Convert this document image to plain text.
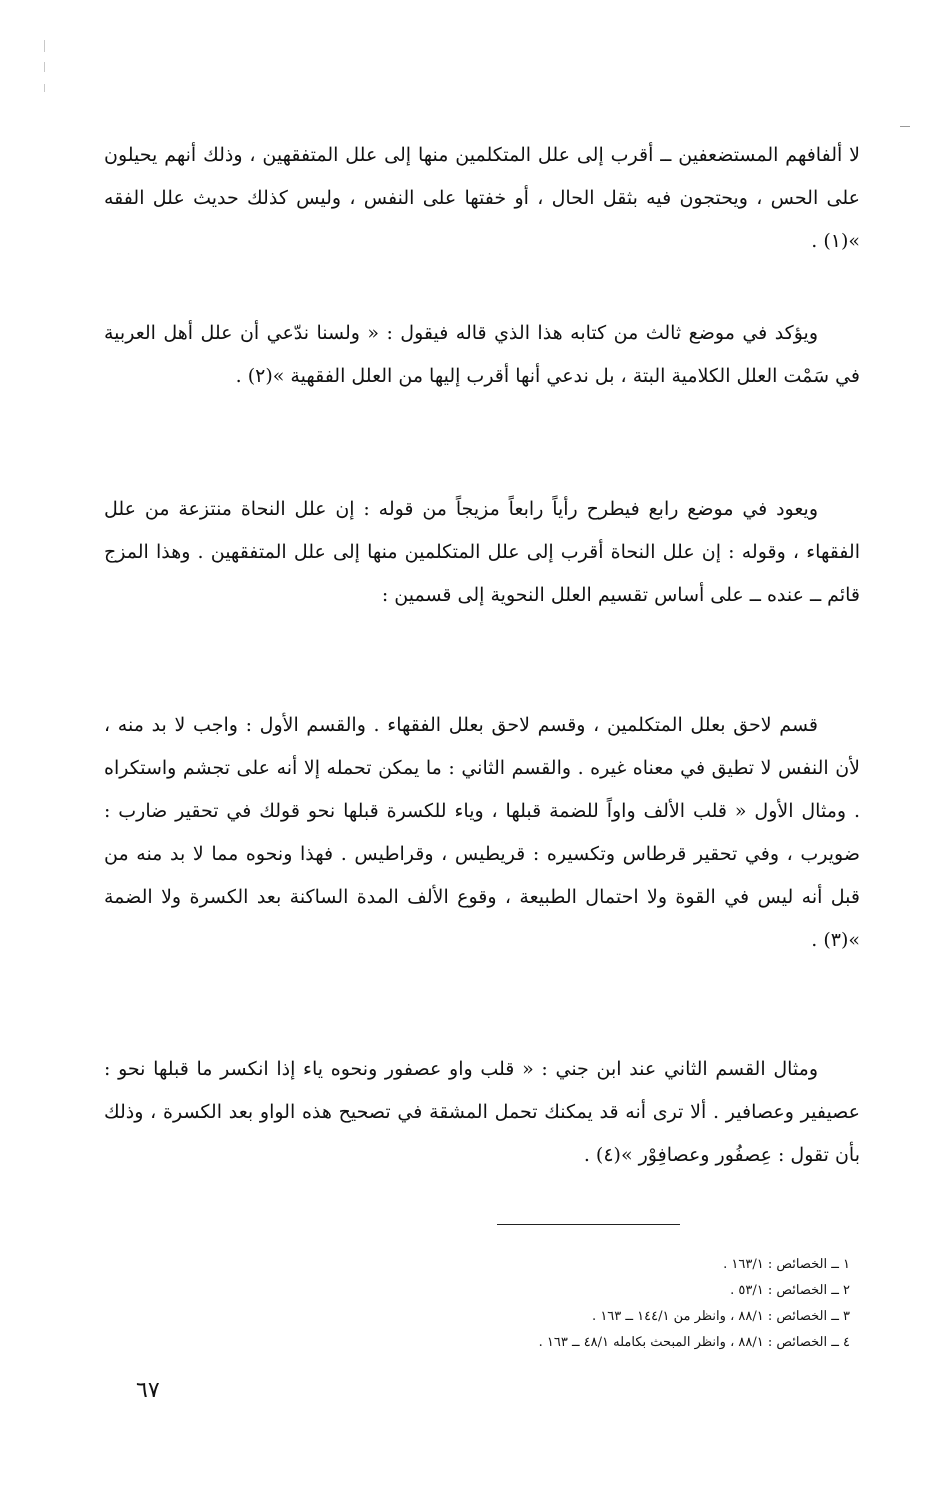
لا ألفافهم المستضعفين ــ أقرب إلى علل المتكلمين منها إلى علل المتفقهين ، وذلك أنهم يحيلون على الحس ، ويحتجون فيه بثقل الحال ، أو خفتها على النفس ، وليس كذلك حديث علل الفقه »(١) .

ويؤكد في موضع ثالث من كتابه هذا الذي قاله فيقول : « ولسنا ندّعي أن علل أهل العربية في سَمْت العلل الكلامية البتة ، بل ندعي أنها أقرب إليها من العلل الفقهية »(٢) .

ويعود في موضع رابع فيطرح رأياً رابعاً مزيجاً من قوله : إن علل النحاة منتزعة من علل الفقهاء ، وقوله : إن علل النحاة أقرب إلى علل المتكلمين منها إلى علل المتفقهين . وهذا المزج قائم ــ عنده ــ على أساس تقسيم العلل النحوية إلى قسمين :

قسم لاحق بعلل المتكلمين ، وقسم لاحق بعلل الفقهاء . والقسم الأول : واجب لا بد منه ، لأن النفس لا تطيق في معناه غيره . والقسم الثاني : ما يمكن تحمله إلا أنه على تجشم واستكراه . ومثال الأول « قلب الألف واواً للضمة قبلها ، وياء للكسرة قبلها نحو قولك في تحقير ضارب : ضويرب ، وفي تحقير قرطاس وتكسيره : قريطيس ، وقراطيس . فهذا ونحوه مما لا بد منه من قبل أنه ليس في القوة ولا احتمال الطبيعة ، وقوع الألف المدة الساكنة بعد الكسرة ولا الضمة »(٣) .

ومثال القسم الثاني عند ابن جني : « قلب واو عصفور ونحوه ياء إذا انكسر ما قبلها نحو : عصيفير وعصافير . ألا ترى أنه قد يمكنك تحمل المشقة في تصحيح هذه الواو بعد الكسرة ، وذلك بأن تقول : عِصفُور وعصافِوْر »(٤) .

١ ــ الخصائص : ١٦٣/١ .
٢ ــ الخصائص : ٥٣/١ .
٣ ــ الخصائص : ٨٨/١ ، وانظر من ١٤٤/١ ــ ١٦٣ .
٤ ــ الخصائص : ٨٨/١ ، وانظر المبحث بكامله ٤٨/١ ــ ١٦٣ .
٦٧
